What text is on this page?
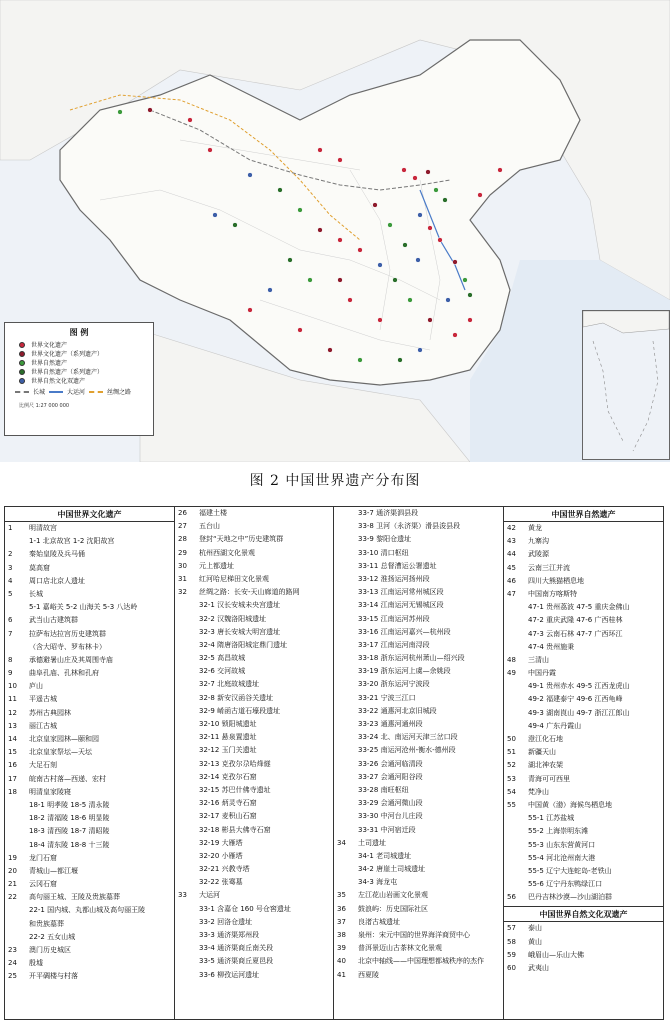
图 例
世界文化遗产
世界文化遗产（系列遗产）
世界自然遗产
世界自然遗产（系列遗产）
世界自然文化双遗产
长城	大运河	丝绸之路
比例尺 1:27 000 000
图 2 中国世界遗产分布图
中国世界文化遗产
1	明清故宫
1-1 北京故宫 1-2 沈阳故宫
2	秦始皇陵及兵马俑
3	莫高窟
4	周口店北京人遗址
5	长城
5-1 嘉峪关 5-2 山海关 5-3 八达岭
6	武当山古建筑群
7	拉萨布达拉宫历史建筑群
（含大昭寺、罗布林卡）
8	承德避暑山庄及其周围寺庙
9	曲阜孔庙、孔林和孔府
10	庐山
11	平遥古城
12	苏州古典园林
13	丽江古城
14	北京皇家园林—颐和园
15	北京皇家祭坛—天坛
16	大足石刻
17	皖南古村落—西递、宏村
18	明清皇家陵寝
18-1 明孝陵 18-5 清永陵
18-2 清福陵 18-6 明显陵
18-3 清西陵 18-7 清昭陵
18-4 清东陵 18-8 十三陵
19	龙门石窟
20	青城山—都江堰
21	云冈石窟
22	高句丽王城、王陵及贵族墓葬
22-1 国内城、丸都山城及高句丽王陵
和贵族墓葬
22-2 五女山城
23	澳门历史城区
24	殷墟
25	开平碉楼与村落
26	福建土楼
27	五台山
28	登封“天地之中”历史建筑群
29	杭州西湖文化景观
30	元上都遗址
31	红河哈尼梯田文化景观
32	丝绸之路：长安-天山廊道的路网
32-1 汉长安城未央宫遗址
32-2 汉魏洛阳城遗址
32-3 唐长安城大明宫遗址
32-4 隋唐洛阳城定鼎门遗址
32-5 高昌故城
32-6 交河故城
32-7 北庭故城遗址
32-8 新安汉函谷关遗址
32-9 崤函古道石壕段遗址
32-10 锁阳城遗址
32-11 悬泉置遗址
32-12 玉门关遗址
32-13 克孜尔尕哈烽燧
32-14 克孜尔石窟
32-15 苏巴什佛寺遗址
32-16 炳灵寺石窟
32-17 麦积山石窟
32-18 彬县大佛寺石窟
32-19 大雁塔
32-20 小雁塔
32-21 兴教寺塔
32-22 张骞墓
33	大运河
33-1 含嘉仓 160 号仓窖遗址
33-2 回洛仓遗址
33-3 通济渠郑州段
33-4 通济渠商丘南关段
33-5 通济渠商丘夏邑段
33-6 柳孜运河遗址
33-7 通济渠泗县段
33-8 卫河（永济渠）滑县浚县段
33-9 黎阳仓遗址
33-10 清口枢纽
33-11 总督漕运公署遗址
33-12 淮扬运河扬州段
33-13 江南运河常州城区段
33-14 江南运河无锡城区段
33-15 江南运河苏州段
33-16 江南运河嘉兴—杭州段
33-17 江南运河南浔段
33-18 浙东运河杭州萧山—绍兴段
33-19 浙东运河上虞—余姚段
33-20 浙东运河宁波段
33-21 宁波三江口
33-22 通惠河北京旧城段
33-23 通惠河通州段
33-24 北、南运河天津三岔口段
33-25 南运河沧州-衡水-德州段
33-26 会通河临清段
33-27 会通河阳谷段
33-28 南旺枢纽
33-29 会通河微山段
33-30 中河台儿庄段
33-31 中河宿迁段
34	土司遗址
34-1 老司城遗址
34-2 唐崖土司城遗址
34-3 海龙屯
35	左江花山岩画文化景观
36	鼓浪屿：历史国际社区
37	良渚古城遗址
38	泉州：宋元中国的世界海洋商贸中心
39	普洱景迈山古茶林文化景观
40	北京中轴线——中国理想都城秩序的杰作
41	西夏陵
中国世界自然遗产
42	黄龙
43	九寨沟
44	武陵源
45	云南三江并流
46	四川大熊猫栖息地
47	中国南方喀斯特
47-1 贵州荔波 47-5 重庆金佛山
47-2 重庆武隆 47-6 广西桂林
47-3 云南石林 47-7 广西环江
47-4 贵州施秉
48	三清山
49	中国丹霞
49-1 贵州赤水 49-5 江西龙虎山
49-2 福建泰宁 49-6 江西龟峰
49-3 湖南崀山 49-7 浙江江郎山
49-4 广东丹霞山
50	澄江化石地
51	新疆天山
52	湖北神农架
53	青海可可西里
54	梵净山
55	中国黄（渤）海候鸟栖息地
55-1 江苏盐城
55-2 上海崇明东滩
55-3 山东东营黄河口
55-4 河北沧州南大港
55-5 辽宁大连蛇岛-老铁山
55-6 辽宁丹东鸭绿江口
56	巴丹吉林沙漠—沙山湖泊群
中国世界自然文化双遗产
57	泰山
58	黄山
59	峨眉山—乐山大佛
60	武夷山
